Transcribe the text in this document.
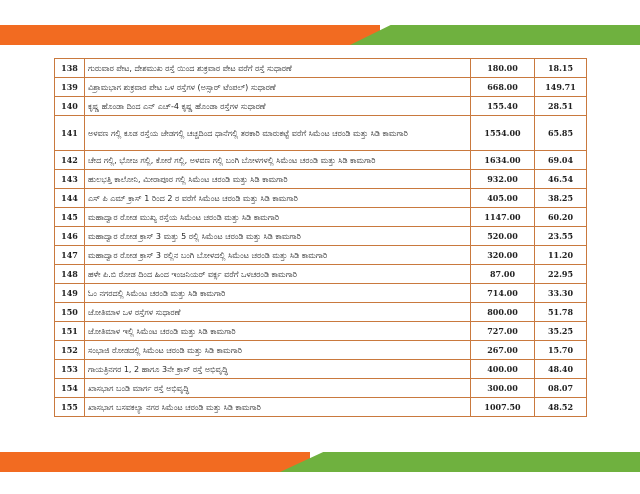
138	ಗುರುವಾರ ಪೇಟ, ದೇಶಮುಖ ರಸ್ತೆ ಯಿಂದ ಶುಕ್ರವಾರ ಪೇಟ ವರೆಗೆ ರಸ್ತೆ ಸುಧಾರಣೆ	180.00	18.15
139	ವಿಶ್ರಾಮಭಾಗ ಶುಕ್ರವಾರ ಪೇಟ ಒಳ ರಸ್ತೆಗಳ (ಅಸ್ಸಾರ್ ಟೆಂಪಲ್) ಸುಧಾರಣೆ	668.00	149.71
140	ಕೃಷ್ಣ ಹೊಂಡಾ ದಿಂದ ಎನ್ ಎಚ್-4 ಕೃಷ್ಣ ಹೊಂಡಾ ರಸ್ತೆಗಳ ಸುಧಾರಣೆ	155.40	28.51
141	ಅಳವಣ ಗಲ್ಲಿ ಕೂಡ ರಸ್ತೆಯ ಜೇಡಗಲ್ಲಿ ಚಚ್ಚದಿಂದ ಧಾನೆಗಲ್ಲಿ ತರಕಾರಿ ಮಾರುಕಟ್ಟೆ ವರೆಗೆ ಸಿಮೆಂಟ ಚರಂಡಿ ಮತ್ತು ಸಿಡಿ ಕಾಮಗಾರಿ	1554.00	65.85
142	ಚೇದ ಗಲ್ಲಿ, ಭೋಜ ಗಲ್ಲಿ, ಕೋರೆ ಗಲ್ಲಿ, ಅಳವಣ ಗಲ್ಲಿ ಬಂಗಿ ಬೋಳಗಳಲ್ಲಿ ಸಿಮೆಂಟ ಚರಂಡಿ ಮತ್ತು ಸಿಡಿ ಕಾಮಗಾರಿ	1634.00	69.04
143	ಹುಲಭತ್ತಿ ಕಾಲೋನಿ, ಮೀರಾಪೂರ ಗಲ್ಲಿ ಸಿಮೆಂಟ ಚರಂಡಿ ಮತ್ತು ಸಿಡಿ ಕಾಮಗಾರಿ	932.00	46.54
144	ಎಸ್ ಪಿ ಎಮ್ ಕ್ರಾಸ್ 1 ರಿಂದ 2 ರ ವರೆಗೆ ಸಿಮೆಂಟ ಚರಂಡಿ ಮತ್ತು ಸಿಡಿ ಕಾಮಗಾರಿ	405.00	38.25
145	ಮಹಾದ್ವಾರ ರೋಡ ಮುಖ್ಯ ರಸ್ತೆಯ ಸಿಮೆಂಟ ಚರಂಡಿ ಮತ್ತು ಸಿಡಿ ಕಾಮಗಾರಿ	1147.00	60.20
146	ಮಹಾದ್ವಾರ ರೋಡ ಕ್ರಾಸ್ 3 ಮತ್ತು 5 ರಲ್ಲಿ ಸಿಮೆಂಟ ಚರಂಡಿ ಮತ್ತು ಸಿಡಿ ಕಾಮಗಾರಿ	520.00	23.55
147	ಮಹಾದ್ವಾರ ರೋಡ ಕ್ರಾಸ್ 3 ರಲ್ಲಿನ ಬಂಗಿ ಬೋಳದಲ್ಲಿ ಸಿಮೆಂಟ ಚರಂಡಿ ಮತ್ತು ಸಿಡಿ ಕಾಮಗಾರಿ	320.00	11.20
148	ಹಳೇ ಪಿ.ಬಿ ರೋಡ ದಿಂದ ಹಿಂದ ಇಂಜನಿಯರ್ ವರ್ಕ್ಸ ವರೆಗೆ ಒಳಚರಂಡಿ ಕಾಮಗಾರಿ	87.00	22.95
149	ಓಂ ನಗರದಲ್ಲಿ ಸಿಮೆಂಟ ಚರಂಡಿ ಮತ್ತು ಸಿಡಿ ಕಾಮಗಾರಿ	714.00	33.30
150	ಜೋತಿಮಾಳ ಒಳ ರಸ್ತೆಗಳ ಸುಧಾರಣೆ	800.00	51.78
151	ಜೋತಿಮಾಳ ಇಲ್ಲಿ ಸಿಮೆಂಟ ಚರಂಡಿ ಮತ್ತು ಸಿಡಿ ಕಾಮಗಾರಿ	727.00	35.25
152	ಸಂಭಾಜಿ ರೋಡದಲ್ಲಿ ಸಿಮೆಂಟ ಚರಂಡಿ ಮತ್ತು ಸಿಡಿ ಕಾಮಗಾರಿ	267.00	15.70
153	ಗಾಯತ್ರಿನಗರ 1, 2 ಹಾಗೂ 3ನೇ ಕ್ರಾಸ್ ರಸ್ತೆ ಅಭಿವೃದ್ಧಿ	400.00	48.40
154	ಖಾಸಭಾಗ ಬಂಡಿ ಮಾರ್ಗ ರಸ್ತೆ ಅಭಿವೃದ್ಧಿ	300.00	08.07
155	ಖಾಸಭಾಗ ಬಸವಕಲ್ಯಾ ನಗರ ಸಿಮೆಂಟ ಚರಂಡಿ ಮತ್ತು ಸಿಡಿ ಕಾಮಗಾರಿ	1007.50	48.52
